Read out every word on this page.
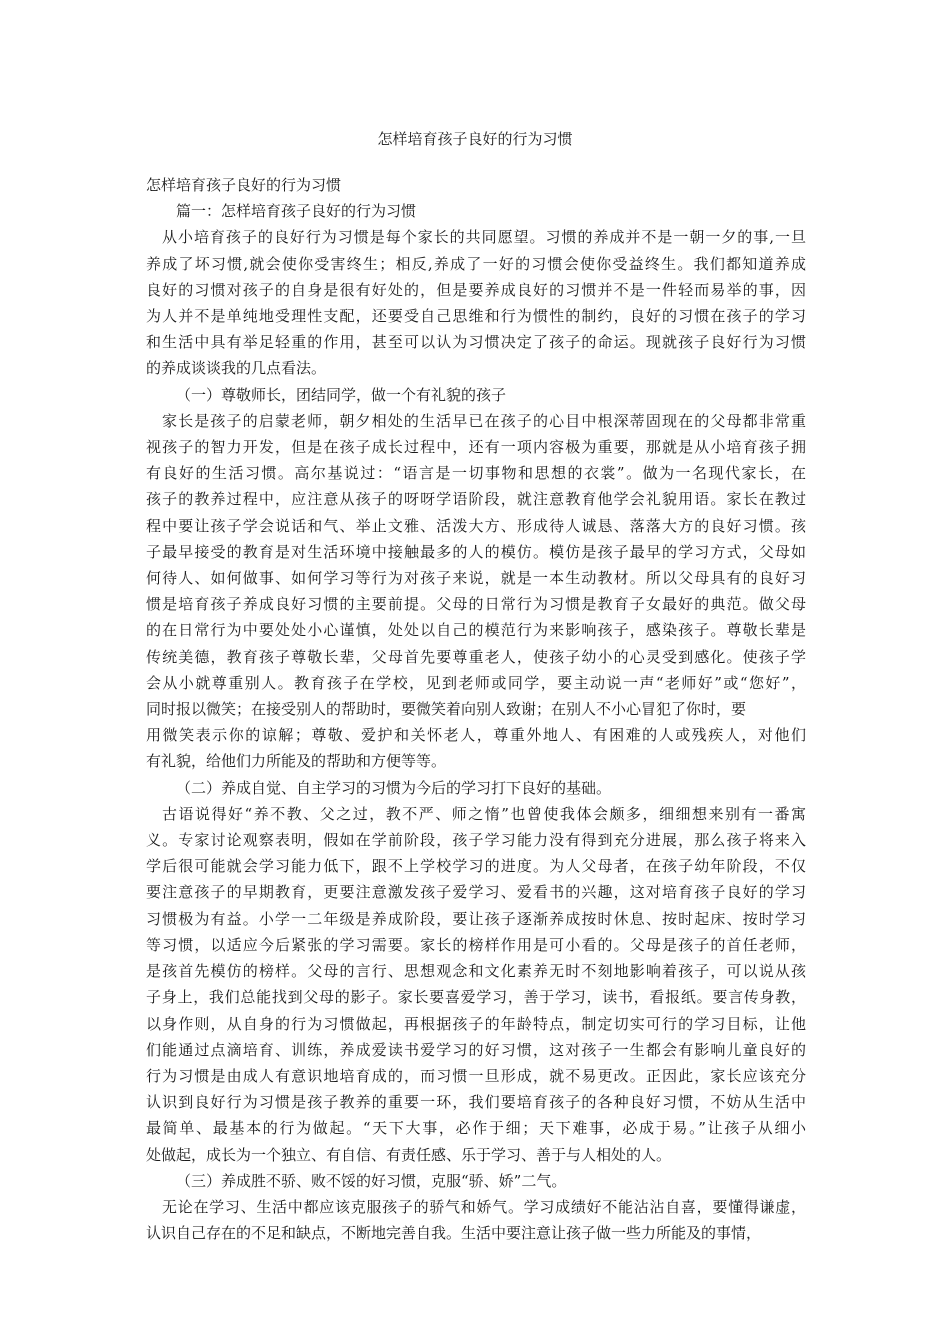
怎样培育孩子良好的行为习惯

怎样培育孩子良好的行为习惯

篇一：怎样培育孩子良好的行为习惯

从小培育孩子的良好行为习惯是每个家长的共同愿望。习惯的养成并不是一朝一夕的事,一旦
养成了坏习惯,就会使你受害终生；相反,养成了一好的习惯会使你受益终生。我们都知道养成
良好的习惯对孩子的自身是很有好处的，但是要养成良好的习惯并不是一件轻而易举的事，因
为人并不是单纯地受理性支配，还要受自己思维和行为惯性的制约，良好的习惯在孩子的学习
和生活中具有举足轻重的作用，甚至可以认为习惯决定了孩子的命运。现就孩子良好行为习惯
的养成谈谈我的几点看法。
（一）尊敬师长，团结同学，做一个有礼貌的孩子
家长是孩子的启蒙老师，朝夕相处的生活早已在孩子的心目中根深蒂固现在的父母都非常重
视孩子的智力开发，但是在孩子成长过程中，还有一项内容极为重要，那就是从小培育孩子拥
有良好的生活习惯。高尔基说过：“语言是一切事物和思想的衣裳”。做为一名现代家长，在
孩子的教养过程中，应注意从孩子的呀呀学语阶段，就注意教育他学会礼貌用语。家长在教过
程中要让孩子学会说话和气、举止文雅、活泼大方、形成待人诚恳、落落大方的良好习惯。孩
子最早接受的教育是对生活环境中接触最多的人的模仿。模仿是孩子最早的学习方式，父母如
何待人、如何做事、如何学习等行为对孩子来说，就是一本生动教材。所以父母具有的良好习
惯是培育孩子养成良好习惯的主要前提。父母的日常行为习惯是教育子女最好的典范。做父母
的在日常行为中要处处小心谨慎，处处以自己的模范行为来影响孩子，感染孩子。尊敬长辈是
传统美德，教育孩子尊敬长辈，父母首先要尊重老人，使孩子幼小的心灵受到感化。使孩子学
会从小就尊重别人。教育孩子在学校，见到老师或同学，要主动说一声“老师好”或“您好”，
同时报以微笑；在接受别人的帮助时，要微笑着向别人致谢；在别人不小心冒犯了你时，要
用微笑表示你的谅解；尊敬、爱护和关怀老人，尊重外地人、有困难的人或残疾人，对他们
有礼貌，给他们力所能及的帮助和方便等等。
（二）养成自觉、自主学习的习惯为今后的学习打下良好的基础。
古语说得好“养不教、父之过，教不严、师之惰”也曾使我体会颇多，细细想来别有一番寓
义。专家讨论观察表明，假如在学前阶段，孩子学习能力没有得到充分进展，那么孩子将来入
学后很可能就会学习能力低下，跟不上学校学习的进度。为人父母者，在孩子幼年阶段，不仅
要注意孩子的早期教育，更要注意激发孩子爱学习、爱看书的兴趣，这对培育孩子良好的学习
习惯极为有益。小学一二年级是养成阶段，要让孩子逐渐养成按时休息、按时起床、按时学习
等习惯，以适应今后紧张的学习需要。家长的榜样作用是可小看的。父母是孩子的首任老师，
是孩首先模仿的榜样。父母的言行、思想观念和文化素养无时不刻地影响着孩子，可以说从孩
子身上，我们总能找到父母的影子。家长要喜爱学习，善于学习，读书，看报纸。要言传身教，
以身作则，从自身的行为习惯做起，再根据孩子的年龄特点，制定切实可行的学习目标，让他
们能通过点滴培育、训练，养成爱读书爱学习的好习惯，这对孩子一生都会有影响儿童良好的
行为习惯是由成人有意识地培育成的，而习惯一旦形成，就不易更改。正因此，家长应该充分
认识到良好行为习惯是孩子教养的重要一环，我们要培育孩子的各种良好习惯，不妨从生活中
最简单、最基本的行为做起。“天下大事，必作于细；天下难事，必成于易。”让孩子从细小
处做起，成长为一个独立、有自信、有责任感、乐于学习、善于与人相处的人。
（三）养成胜不骄、败不馁的好习惯，克服“骄、娇”二气。
无论在学习、生活中都应该克服孩子的骄气和娇气。学习成绩好不能沾沾自喜，要懂得谦虚，
认识自己存在的不足和缺点，不断地完善自我。生活中要注意让孩子做一些力所能及的事情，
